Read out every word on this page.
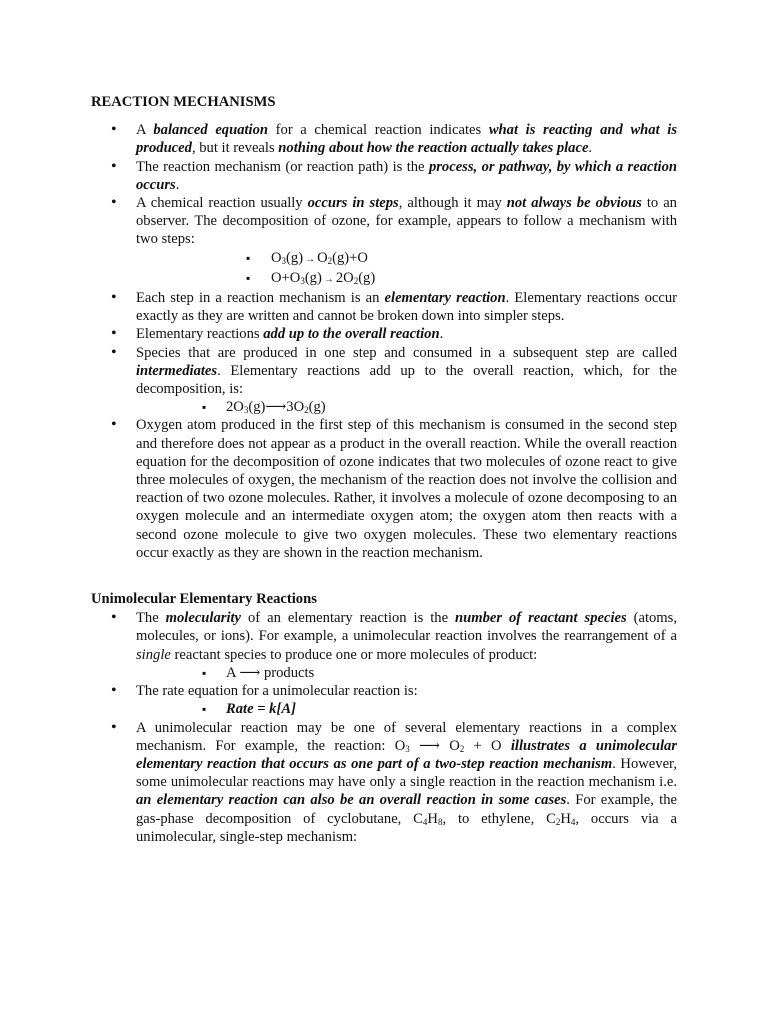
REACTION MECHANISMS
• A balanced equation for a chemical reaction indicates what is reacting and what is produced, but it reveals nothing about how the reaction actually takes place.
• The reaction mechanism (or reaction path) is the process, or pathway, by which a reaction occurs.
• A chemical reaction usually occurs in steps, although it may not always be obvious to an observer. The decomposition of ozone, for example, appears to follow a mechanism with two steps:
▪ $O_3(g) \to O_2(g)+O$
▪ $O+O_3(g) \to 2O_2(g)$
• Each step in a reaction mechanism is an elementary reaction. Elementary reactions occur exactly as they are written and cannot be broken down into simpler steps.
• Elementary reactions add up to the overall reaction.
• Species that are produced in one step and consumed in a subsequent step are called intermediates. Elementary reactions add up to the overall reaction, which, for the decomposition, is:
▪ $2O_3(g)⟶3O_2(g)$
• Oxygen atom produced in the first step of this mechanism is consumed in the second step and therefore does not appear as a product in the overall reaction. While the overall reaction equation for the decomposition of ozone indicates that two molecules of ozone react to give three molecules of oxygen, the mechanism of the reaction does not involve the collision and reaction of two ozone molecules. Rather, it involves a molecule of ozone decomposing to an oxygen molecule and an intermediate oxygen atom; the oxygen atom then reacts with a second ozone molecule to give two oxygen molecules. These two elementary reactions occur exactly as they are shown in the reaction mechanism.
Unimolecular Elementary Reactions
• The molecularity of an elementary reaction is the number of reactant species (atoms, molecules, or ions). For example, a unimolecular reaction involves the rearrangement of a single reactant species to produce one or more molecules of product:
▪ A ⟶ products
• The rate equation for a unimolecular reaction is:
▪ Rate = k[A]
• A unimolecular reaction may be one of several elementary reactions in a complex mechanism. For example, the reaction: $O_3$ ⟶ $O_2 + O$ illustrates a unimolecular elementary reaction that occurs as one part of a two-step reaction mechanism. However, some unimolecular reactions may have only a single reaction in the reaction mechanism i.e. an elementary reaction can also be an overall reaction in some cases. For example, the gas-phase decomposition of cyclobutane, $C_4H_8$, to ethylene, $C_2H_4$, occurs via a unimolecular, single-step mechanism:
